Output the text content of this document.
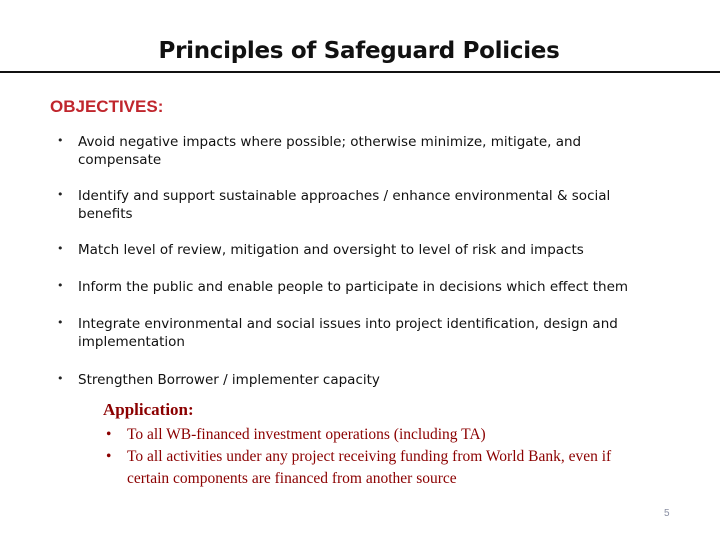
Principles of Safeguard Policies
OBJECTIVES:
• Avoid negative impacts where possible; otherwise minimize, mitigate, and compensate
• Identify and support sustainable approaches / enhance environmental & social benefits
• Match level of review, mitigation and oversight to level of risk and impacts
• Inform the public and enable people to participate in decisions which effect them
• Integrate environmental and social issues into project identification, design and implementation
• Strengthen Borrower / implementer capacity
Application:
• To all WB-financed investment operations (including TA)
• To all activities under any project receiving funding from World Bank, even if certain components are financed from another source
5
